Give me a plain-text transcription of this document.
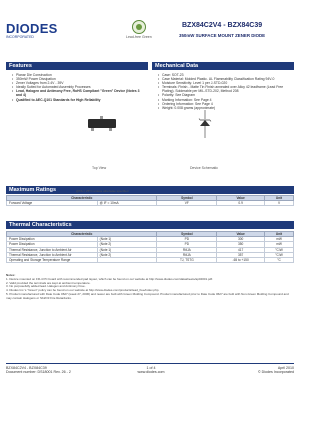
DIODES
INCORPORATED	Lead-free Green
BZX84C2V4 - BZX84C39
350mW SURFACE MOUNT ZENER DIODE
Features
• Planar Die Construction
• 350mW Power Dissipation
• Zener Voltages from 2.4V - 39V
• Ideally Suited for Automated Assembly Processes
• Lead, Halogen and Antimony Free, RoHS Compliant "Green" Device (Notes 3 and 4)
• Qualified to AEC-Q101 Standards for High Reliability
Mechanical Data
• Case: SOT-23
• Case Material: Molded Plastic. UL Flammability Classification Rating 94V-0
• Moisture Sensitivity: Level 1 per J-STD-020
• Terminals: Finish - Matte Tin Finish annealed over Alloy 42 leadframe (Lead Free Plating). Solderable per MIL-STD-202, Method 208
• Polarity: See Diagram
• Marking Information: See Page 4
• Ordering Information: See Page 4
• Weight: 0.008 grams (approximate)
Top View	Device Schematic
Maximum Ratings	@TA = 25°C unless otherwise specified
Characteristic		Symbol	Value	Unit
Forward Voltage	@ IF = 10mA	VF	0.9	V
Thermal Characteristics
Characteristic		Symbol	Value	Unit
Power Dissipation	(Note 1)	PD	300	mW
Power Dissipation	(Note 2)	PD	350	mW
Thermal Resistance, Junction to Ambient Air	(Note 1)	RθJA	417	°C/W
Thermal Resistance, Junction to Ambient Air	(Note 2)	RθJA	357	°C/W
Operating and Storage Temperature Range		TJ, TSTG	-65 to +150	°C
Notes:
1. Device mounted on FR-4 PC board with recommended pad layout, which can be found on our website at http://www.diodes.com/datasheets/ap02001.pdf.
2. Valid provided the terminals are kept at ambient temperature.
3. No purposefully added lead. Halogen and Antimony Free.
4. Diodes Inc.'s "Green" policy can be found on our website at http://www.diodes.com/products/lead_free/index.php.
5. Product manufactured with Date Code 0627 (week 27, 2006) and newer are built with Green Molding Compound. Product manufactured prior to Date Code 0627 are built with Non-Green Molding Compound and may contain Halogens or Sb2O3 Fire Retardants.
BZX84C2V4 - BZX84C39
Document number: DS18001 Rev. 26 - 2
1 of 4
www.diodes.com
April 2010
© Diodes Incorporated
